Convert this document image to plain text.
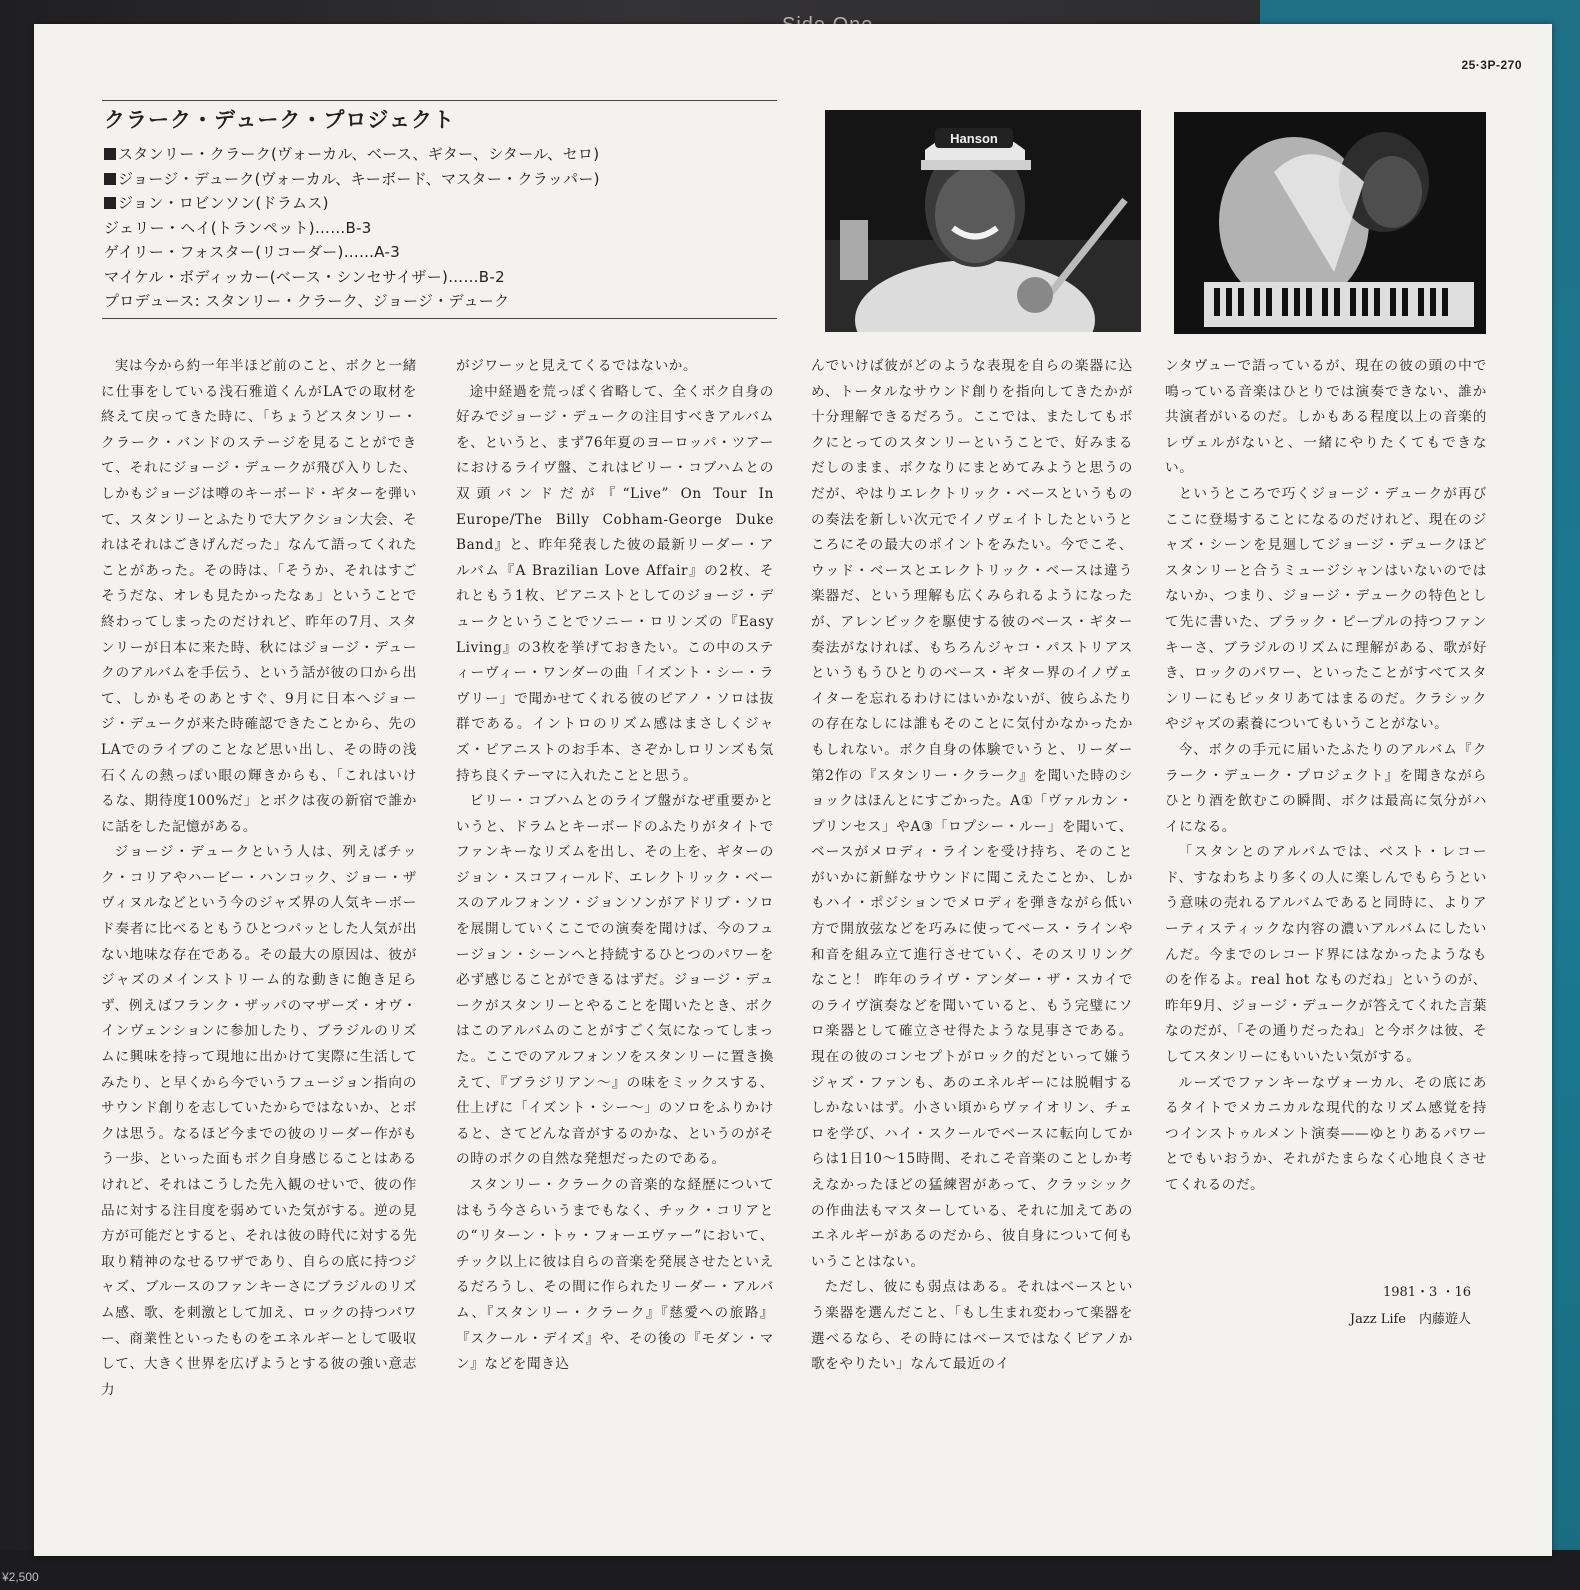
¥2,500
25·3P-270
クラーク・デューク・プロジェクト
スタンリー・クラーク(ヴォーカル、ベース、ギター、シタール、セロ)
ジョージ・デューク(ヴォーカル、キーボード、マスター・クラッパー)
ジョン・ロビンソン(ドラムス)
ジェリー・ヘイ(トランペット)……B-3
ゲイリー・フォスター(リコーダー)……A-3
マイケル・ボディッカー(ベース・シンセサイザー)……B-2
プロデュース: スタンリー・クラーク、ジョージ・デューク
Hanson

実は今から約一年半ほど前のこと、ボクと一緒に仕事をしている浅石雅道くんがLAでの取材を終えて戻ってきた時に、「ちょうどスタンリー・クラーク・バンドのステージを見ることができて、それにジョージ・デュークが飛び入りした、しかもジョージは噂のキーボード・ギターを弾いて、スタンリーとふたりで大アクション大会、それはそれはごきげんだった」なんて語ってくれたことがあった。その時は、「そうか、それはすごそうだな、オレも見たかったなぁ」ということで終わってしまったのだけれど、昨年の7月、スタンリーが日本に来た時、秋にはジョージ・デュークのアルバムを手伝う、という話が彼の口から出て、しかもそのあとすぐ、9月に日本へジョージ・デュークが来た時確認できたことから、先のLAでのライブのことなど思い出し、その時の浅石くんの熱っぽい眼の輝きからも、「これはいけるな、期待度100%だ」とボクは夜の新宿で誰かに話をした記憶がある。

ジョージ・デュークという人は、列えばチック・コリアやハービー・ハンコック、ジョー・ザヴィヌルなどという今のジャズ界の人気キーボード奏者に比べるともうひとつパッとした人気が出ない地味な存在である。その最大の原因は、彼がジャズのメインストリーム的な動きに飽き足らず、例えばフランク・ザッパのマザーズ・オヴ・インヴェンションに参加したり、ブラジルのリズムに興味を持って現地に出かけて実際に生活してみたり、と早くから今でいうフュージョン指向のサウンド創りを志していたからではないか、とボクは思う。なるほど今までの彼のリーダー作がもう一歩、といった面もボク自身感じることはあるけれど、それはこうした先入観のせいで、彼の作品に対する注目度を弱めていた気がする。逆の見方が可能だとすると、それは彼の時代に対する先取り精神のなせるワザであり、自らの底に持つジャズ、ブルースのファンキーさにブラジルのリズム感、歌、を刺激として加え、ロックの持つパワー、商業性といったものをエネルギーとして吸収して、大きく世界を広げようとする彼の強い意志力

がジワーッと見えてくるではないか。

途中経過を荒っぽく省略して、全くボク自身の好みでジョージ・デュークの注目すべきアルバムを、というと、まず76年夏のヨーロッパ・ツアーにおけるライヴ盤、これはビリー・コブハムとの双頭バンドだが『“Live” On Tour In Europe/The Billy Cobham-George Duke Band』と、昨年発表した彼の最新リーダー・アルバム『A Brazilian Love Affair』の2枚、それともう1枚、ピアニストとしてのジョージ・デュークということでソニー・ロリンズの『Easy Living』の3枚を挙げておきたい。この中のスティーヴィー・ワンダーの曲「イズント・シー・ラヴリー」で聞かせてくれる彼のピアノ・ソロは抜群である。イントロのリズム感はまさしくジャズ・ピアニストのお手本、さぞかしロリンズも気持ち良くテーマに入れたことと思う。

ビリー・コブハムとのライブ盤がなぜ重要かというと、ドラムとキーボードのふたりがタイトでファンキーなリズムを出し、その上を、ギターのジョン・スコフィールド、エレクトリック・ベースのアルフォンソ・ジョンソンがアドリブ・ソロを展開していくここでの演奏を聞けば、今のフュージョン・シーンへと持続するひとつのパワーを必ず感じることができるはずだ。ジョージ・デュークがスタンリーとやることを聞いたとき、ボクはこのアルバムのことがすごく気になってしまった。ここでのアルフォンソをスタンリーに置き換えて、『ブラジリアン〜』の味をミックスする、仕上げに「イズント・シー〜」のソロをふりかけると、さてどんな音がするのかな、というのがその時のボクの自然な発想だったのである。

スタンリー・クラークの音楽的な経歴についてはもう今さらいうまでもなく、チック・コリアとの“リターン・トゥ・フォーエヴァー”において、チック以上に彼は自らの音楽を発展させたといえるだろうし、その間に作られたリーダー・アルバム、『スタンリー・クラーク』『慈愛への旅路』『スクール・デイズ』や、その後の『モダン・マン』などを聞き込

んでいけば彼がどのような表現を自らの楽器に込め、トータルなサウンド創りを指向してきたかが十分理解できるだろう。ここでは、またしてもボクにとってのスタンリーということで、好みまるだしのまま、ボクなりにまとめてみようと思うのだが、やはりエレクトリック・ベースというものの奏法を新しい次元でイノヴェイトしたというところにその最大のポイントをみたい。今でこそ、ウッド・ベースとエレクトリック・ベースは違う楽器だ、という理解も広くみられるようになったが、アレンビックを駆使する彼のベース・ギター奏法がなければ、もちろんジャコ・パストリアスというもうひとりのベース・ギター界のイノヴェイターを忘れるわけにはいかないが、彼らふたりの存在なしには誰もそのことに気付かなかったかもしれない。ボク自身の体験でいうと、リーダー第2作の『スタンリー・クラーク』を聞いた時のショックはほんとにすごかった。A①「ヴァルカン・プリンセス」やA③「ロプシー・ルー」を聞いて、ベースがメロディ・ラインを受け持ち、そのことがいかに新鮮なサウンドに聞こえたことか、しかもハイ・ポジションでメロディを弾きながら低い方で開放弦などを巧みに使ってベース・ラインや和音を組み立て進行させていく、そのスリリングなこと！ 昨年のライヴ・アンダー・ザ・スカイでのライヴ演奏などを聞いていると、もう完璧にソロ楽器として確立させ得たような見事さである。現在の彼のコンセプトがロック的だといって嫌うジャズ・ファンも、あのエネルギーには脱帽するしかないはず。小さい頃からヴァイオリン、チェロを学び、ハイ・スクールでベースに転向してからは1日10〜15時間、それこそ音楽のことしか考えなかったほどの猛練習があって、クラッシックの作曲法もマスターしている、それに加えてあのエネルギーがあるのだから、彼自身について何もいうことはない。

ただし、彼にも弱点はある。それはベースという楽器を選んだこと、「もし生まれ変わって楽器を選べるなら、その時にはベースではなくピアノか歌をやりたい」なんて最近のイ

ンタヴューで語っているが、現在の彼の頭の中で鳴っている音楽はひとりでは演奏できない、誰か共演者がいるのだ。しかもある程度以上の音楽的レヴェルがないと、一緒にやりたくてもできない。

というところで巧くジョージ・デュークが再びここに登場することになるのだけれど、現在のジャズ・シーンを見廻してジョージ・デュークほどスタンリーと合うミュージシャンはいないのではないか、つまり、ジョージ・デュークの特色として先に書いた、ブラック・ピープルの持つファンキーさ、ブラジルのリズムに理解がある、歌が好き、ロックのパワー、といったことがすべてスタンリーにもピッタリあてはまるのだ。クラシックやジャズの素養についてもいうことがない。

今、ボクの手元に届いたふたりのアルバム『クラーク・デューク・プロジェクト』を聞きながらひとり酒を飲むこの瞬間、ボクは最高に気分がハイになる。

「スタンとのアルバムでは、ベスト・レコード、すなわちより多くの人に楽しんでもらうという意味の売れるアルバムであると同時に、よりアーティスティックな内容の濃いアルバムにしたいんだ。今までのレコード界にはなかったようなものを作るよ。real hot なものだね」というのが、昨年9月、ジョージ・デュークが答えてくれた言葉なのだが、「その通りだったね」と今ボクは彼、そしてスタンリーにもいいたい気がする。

ルーズでファンキーなヴォーカル、その底にあるタイトでメカニカルな現代的なリズム感覚を持つインストゥルメント演奏——ゆとりあるパワーとでもいおうか、それがたまらなく心地良くさせてくれるのだ。

1981・3 ・16
Jazz Life　内藤遊人
